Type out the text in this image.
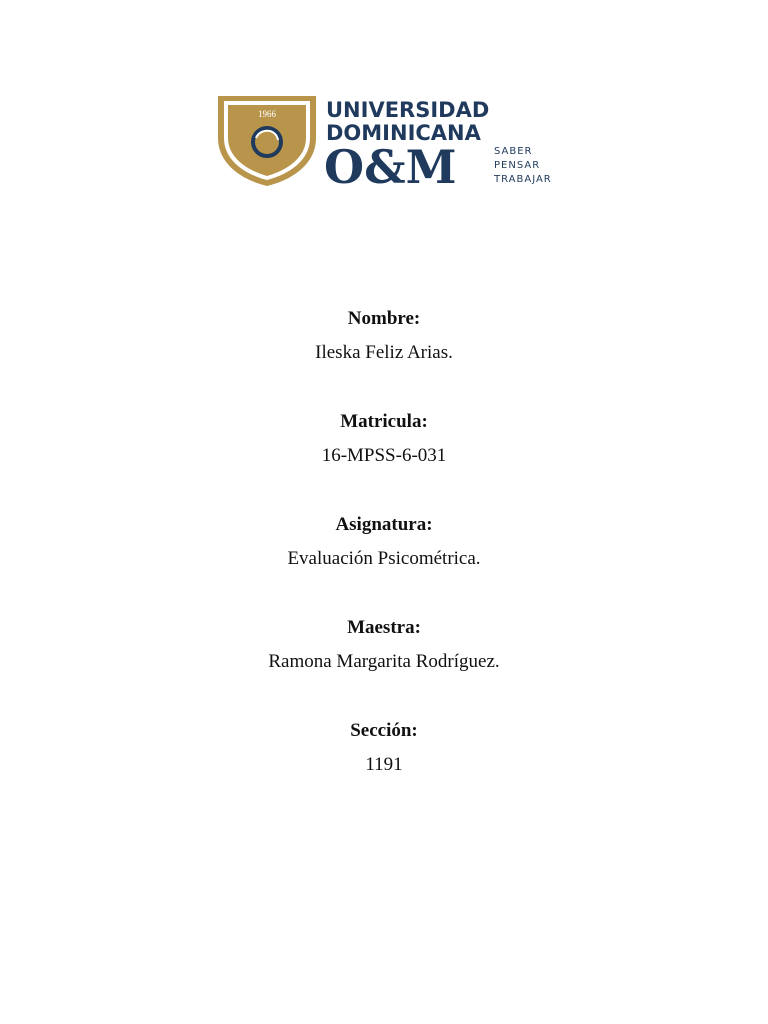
1966 UNIVERSIDAD
DOMINICANA
O&M	SABER
PENSAR
TRABAJAR

Nombre:

Ileska Feliz Arias.

Matricula:

16-MPSS-6-031

Asignatura:

Evaluación Psicométrica.

Maestra:

Ramona Margarita Rodríguez.

Sección:

1191
